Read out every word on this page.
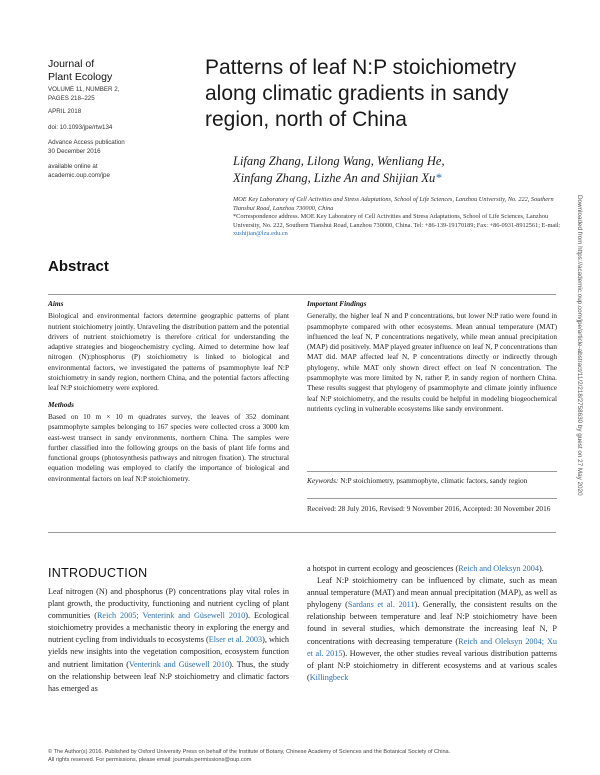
Journal of
Plant Ecology
VOLUME 11, NUMBER 2,
PAGES 218–225
APRIL 2018
doi: 10.1093/jpe/rtw134
Advance Access publication
30 December 2016
available online at
academic.oup.com/jpe
Patterns of leaf N:P stoichiometry along climatic gradients in sandy region, north of China
Lifang Zhang, Lilong Wang, Wenliang He,
Xinfang Zhang, Lizhe An and Shijian Xu*
MOE Key Laboratory of Cell Activities and Stress Adaptations, School of Life Sciences, Lanzhou University, No. 222, Southern Tianshui Road, Lanzhou 730000, China
*Correspondence address. MOE Key Laboratory of Cell Activities and Stress Adaptations, School of Life Sciences, Lanzhou University, No. 222, Southern Tianshui Road, Lanzhou 730000, China. Tel: +86-139-19170189; Fax: +86-0931-8912561; E-mail: xushijian@lzu.edu.cn	Downloaded from https://academic.oup.com/jpe/article-abstract/11/2/218/2758630 by guest on 27 May 2020
Abstract
Aims

Biological and environmental factors determine geographic patterns of plant nutrient stoichiometry jointly. Unraveling the distribution pattern and the potential drivers of nutrient stoichiometry is therefore critical for understanding the adaptive strategies and biogeochemistry cycling. Aimed to determine how leaf nitrogen (N):phosphorus (P) stoichiometry is linked to biological and environmental factors, we investigated the patterns of psammophyte leaf N:P stoichiometry in sandy region, northern China, and the potential factors affecting leaf N:P stoichiometry were explored.

Methods

Based on 10 m × 10 m quadrates survey, the leaves of 352 dominant psammophyte samples belonging to 167 species were collected cross a 3000 km east-west transect in sandy environments, northern China. The samples were further classified into the following groups on the basis of plant life forms and functional groups (photosynthesis pathways and nitrogen fixation). The structural equation modeling was employed to clarify the importance of biological and environmental factors on leaf N:P stoichiometry.

Important Findings

Generally, the higher leaf N and P concentrations, but lower N:P ratio were found in psammophyte compared with other ecosystems. Mean annual temperature (MAT) influenced the leaf N, P concentrations negatively, while mean annual precipitation (MAP) did positively. MAP played greater influence on leaf N, P concentrations than MAT did. MAP affected leaf N, P concentrations directly or indirectly through phylogeny, while MAT only shown direct effect on leaf N concentration. The psammophyte was more limited by N, rather P, in sandy region of northern China. These results suggest that phylogeny of psammophyte and climate jointly influence leaf N:P stoichiometry, and the results could be helpful in modeling biogeochemical nutrients cycling in vulnerable ecosystems like sandy environment.

Keywords: N:P stoichiometry, psammophyte, climatic factors, sandy region
Received: 28 July 2016, Revised: 9 November 2016, Accepted: 30 November 2016
INTRODUCTION

Leaf nitrogen (N) and phosphorus (P) concentrations play vital roles in plant growth, the productivity, functioning and nutrient cycling of plant communities (Reich 2005; Venterink and Güsewell 2010). Ecological stoichiometry provides a mechanistic theory in exploring the energy and nutrient cycling from individuals to ecosystems (Elser et al. 2003), which yields new insights into the vegetation composition, ecosystem function and nutrient limitation (Venterink and Güsewell 2010). Thus, the study on the relationship between leaf N:P stoichiometry and climatic factors has emerged as

a hotspot in current ecology and geosciences (Reich and Oleksyn 2004).

Leaf N:P stoichiometry can be influenced by climate, such as mean annual temperature (MAT) and mean annual precipitation (MAP), as well as phylogeny (Sardans et al. 2011). Generally, the consistent results on the relationship between temperature and leaf N:P stoichiometry have been found in several studies, which demonstrate the increasing leaf N, P concentrations with decreasing temperature (Reich and Oleksyn 2004; Xu et al. 2015). However, the other studies reveal various distribution patterns of plant N:P stoichiometry in different ecosystems and at various scales (Killingbeck

© The Author(s) 2016. Published by Oxford University Press on behalf of the Institute of Botany, Chinese Academy of Sciences and the Botanical Society of China.
All rights reserved. For permissions, please email: journals.permissions@oup.com
